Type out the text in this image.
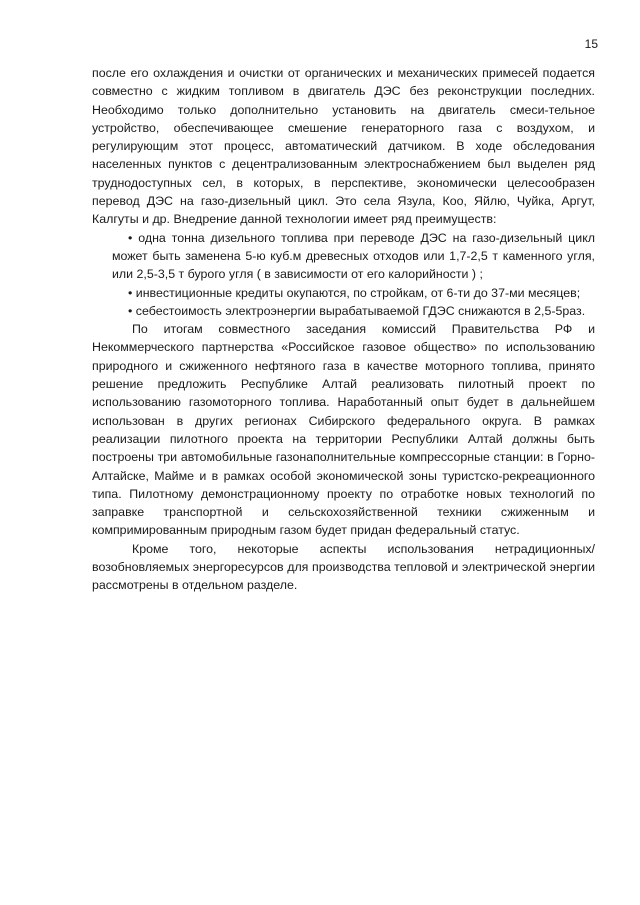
15

после его охлаждения и очистки от органических и механических примесей подается совместно с жидким топливом в двигатель ДЭС без реконструкции последних. Необходимо только дополнительно установить на двигатель смеси-тельное устройство, обеспечивающее смешение генераторного газа с воздухом, и регулирующим этот процесс, автоматический датчиком. В ходе обследования населенных пунктов с децентрализованным электроснабжением был выделен ряд труднодоступных сел, в которых, в перспективе, экономически целесообразен перевод ДЭС на газо-дизельный цикл. Это села Язула, Коо, Яйлю, Чуйка, Аргут, Калгуты и др. Внедрение данной технологии имеет ряд преимуществ:

• одна тонна дизельного топлива при переводе ДЭС на газо-дизельный цикл может быть заменена 5-ю куб.м древесных отходов или 1,7-2,5 т каменного угля, или 2,5-3,5 т бурого угля ( в зависимости от его калорийности ) ;
• инвестиционные кредиты окупаются, по стройкам, от 6-ти до 37-ми месяцев;
• себестоимость электроэнергии вырабатываемой ГДЭС снижаются в 2,5-5раз.

По итогам совместного заседания комиссий Правительства РФ и Некоммерческого партнерства «Российское газовое общество» по использованию природного и сжиженного нефтяного газа в качестве моторного топлива, принято решение предложить Республике Алтай реализовать пилотный проект по использованию газомоторного топлива. Наработанный опыт будет в дальнейшем использован в других регионах Сибирского федерального округа. В рамках реализации пилотного проекта на территории Республики Алтай должны быть построены три автомобильные газонаполнительные компрессорные станции: в Горно-Алтайске, Майме и в рамках особой экономической зоны туристско-рекреационного типа. Пилотному демонстрационному проекту по отработке новых технологий по заправке транспортной и сельскохозяйственной техники сжиженным и компримированным природным газом будет придан федеральный статус.

Кроме того, некоторые аспекты использования нетрадиционных/ возобновляемых энергоресурсов для производства тепловой и электрической энергии рассмотрены в отдельном разделе.
